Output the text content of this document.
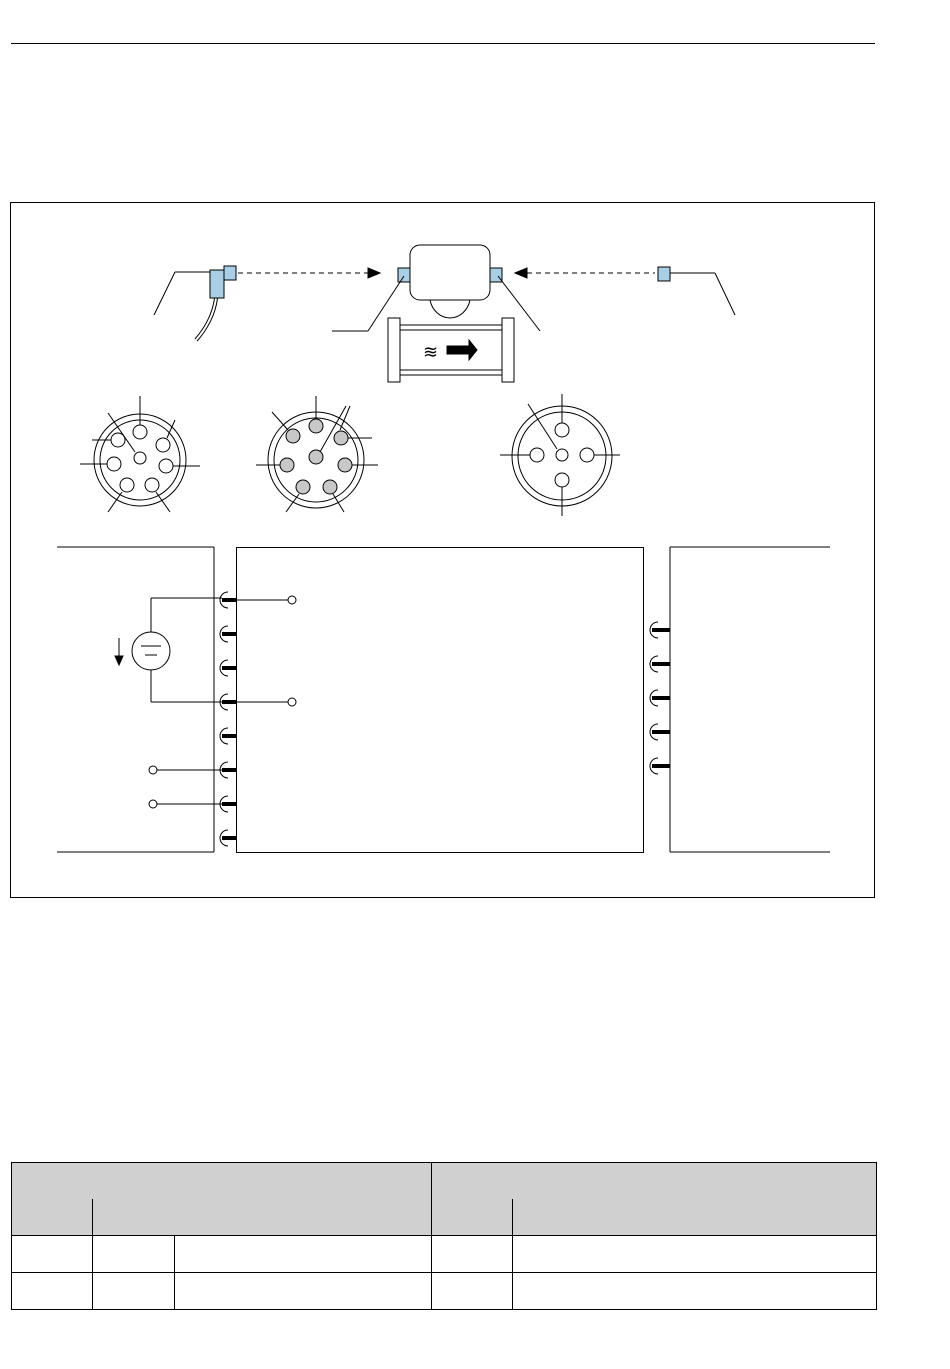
≋
